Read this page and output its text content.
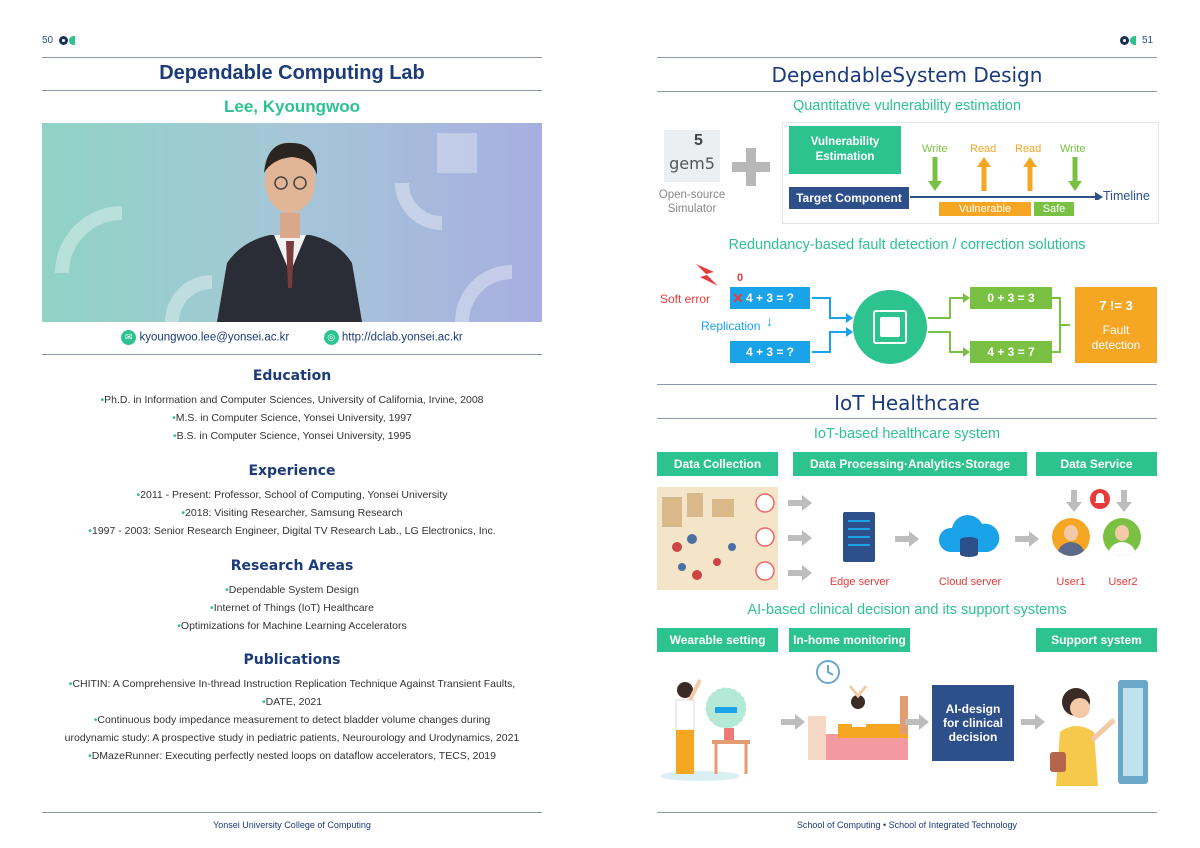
50
Dependable Computing Lab
Lee, Kyoungwoo
✉ kyoungwoo.lee@yonsei.ac.kr	◎ http://dclab.yonsei.ac.kr
Education
• Ph.D. in Information and Computer Sciences, University of California, Irvine, 2008
• M.S. in Computer Science, Yonsei University, 1997
• B.S. in Computer Science, Yonsei University, 1995
Experience
• 2011 - Present: Professor, School of Computing, Yonsei University
• 2018: Visiting Researcher, Samsung Research
• 1997 - 2003: Senior Research Engineer, Digital TV Research Lab., LG Electronics, Inc.
Research Areas
• Dependable System Design
• Internet of Things (IoT) Healthcare
• Optimizations for Machine Learning Accelerators
Publications
• CHITIN: A Comprehensive In-thread Instruction Replication Technique Against Transient Faults,
• DATE, 2021
• Continuous body impedance measurement to detect bladder volume changes during
urodynamic study: A prospective study in pediatric patients, Neurourology and Urodynamics, 2021
• DMazeRunner: Executing perfectly nested loops on dataflow accelerators, TECS, 2019
Yonsei University College of Computing
51
DependableSystem Design
Quantitative vulnerability estimation
gem5
5
Open-source
Simulator
Vulnerability
Estimation
Write Read Read Write
Target Component	Timeline
Vulnerable	Safe
Redundancy-based fault detection / correction solutions
0
Soft error	4 + 3 = ?
✕
Replication ↓
4 + 3 = ?
0 + 3 = 3
4 + 3 = 7
7 != 3
Fault
detection
IoT Healthcare
IoT-based healthcare system
Data Collection	Data Processing·Analytics·Storage	Data Service
Edge server	Cloud server	User1	User2
AI-based clinical decision and its support systems
Wearable setting	In-home monitoring	Support system
AI-design
for clinical
decision
School of Computing • School of Integrated Technology
